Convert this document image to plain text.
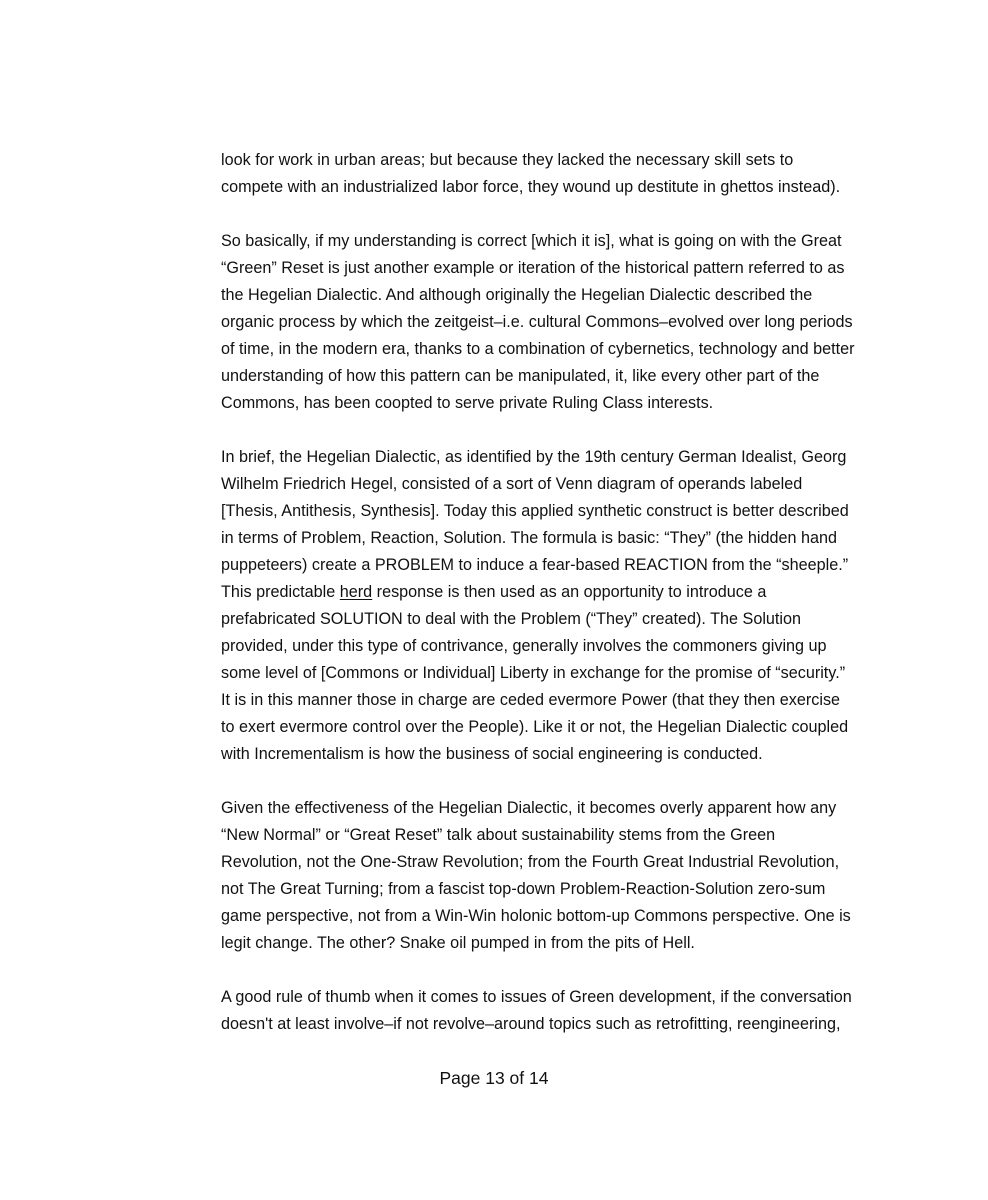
look for work in urban areas; but because they lacked the necessary skill sets to
compete with an industrialized labor force, they wound up destitute in ghettos instead).

So basically, if my understanding is correct [which it is], what is going on with the Great
“Green” Reset is just another example or iteration of the historical pattern referred to as
the Hegelian Dialectic. And although originally the Hegelian Dialectic described the
organic process by which the zeitgeist–i.e. cultural Commons–evolved over long periods
of time, in the modern era, thanks to a combination of cybernetics, technology and better
understanding of how this pattern can be manipulated, it, like every other part of the
Commons, has been coopted to serve private Ruling Class interests.

In brief, the Hegelian Dialectic, as identified by the 19th century German Idealist, Georg
Wilhelm Friedrich Hegel, consisted of a sort of Venn diagram of operands labeled
[Thesis, Antithesis, Synthesis]. Today this applied synthetic construct is better described
in terms of Problem, Reaction, Solution. The formula is basic: “They” (the hidden hand
puppeteers) create a PROBLEM to induce a fear-based REACTION from the “sheeple.”
This predictable herd response is then used as an opportunity to introduce a
prefabricated SOLUTION to deal with the Problem (“They” created). The Solution
provided, under this type of contrivance, generally involves the commoners giving up
some level of [Commons or Individual] Liberty in exchange for the promise of “security.”
It is in this manner those in charge are ceded evermore Power (that they then exercise
to exert evermore control over the People). Like it or not, the Hegelian Dialectic coupled
with Incrementalism is how the business of social engineering is conducted.

Given the effectiveness of the Hegelian Dialectic, it becomes overly apparent how any
“New Normal” or “Great Reset” talk about sustainability stems from the Green
Revolution, not the One-Straw Revolution; from the Fourth Great Industrial Revolution,
not The Great Turning; from a fascist top-down Problem-Reaction-Solution zero-sum
game perspective, not from a Win-Win holonic bottom-up Commons perspective. One is
legit change. The other? Snake oil pumped in from the pits of Hell.

A good rule of thumb when it comes to issues of Green development, if the conversation
doesn't at least involve–if not revolve–around topics such as retrofitting, reengineering,

Page 13 of 14
